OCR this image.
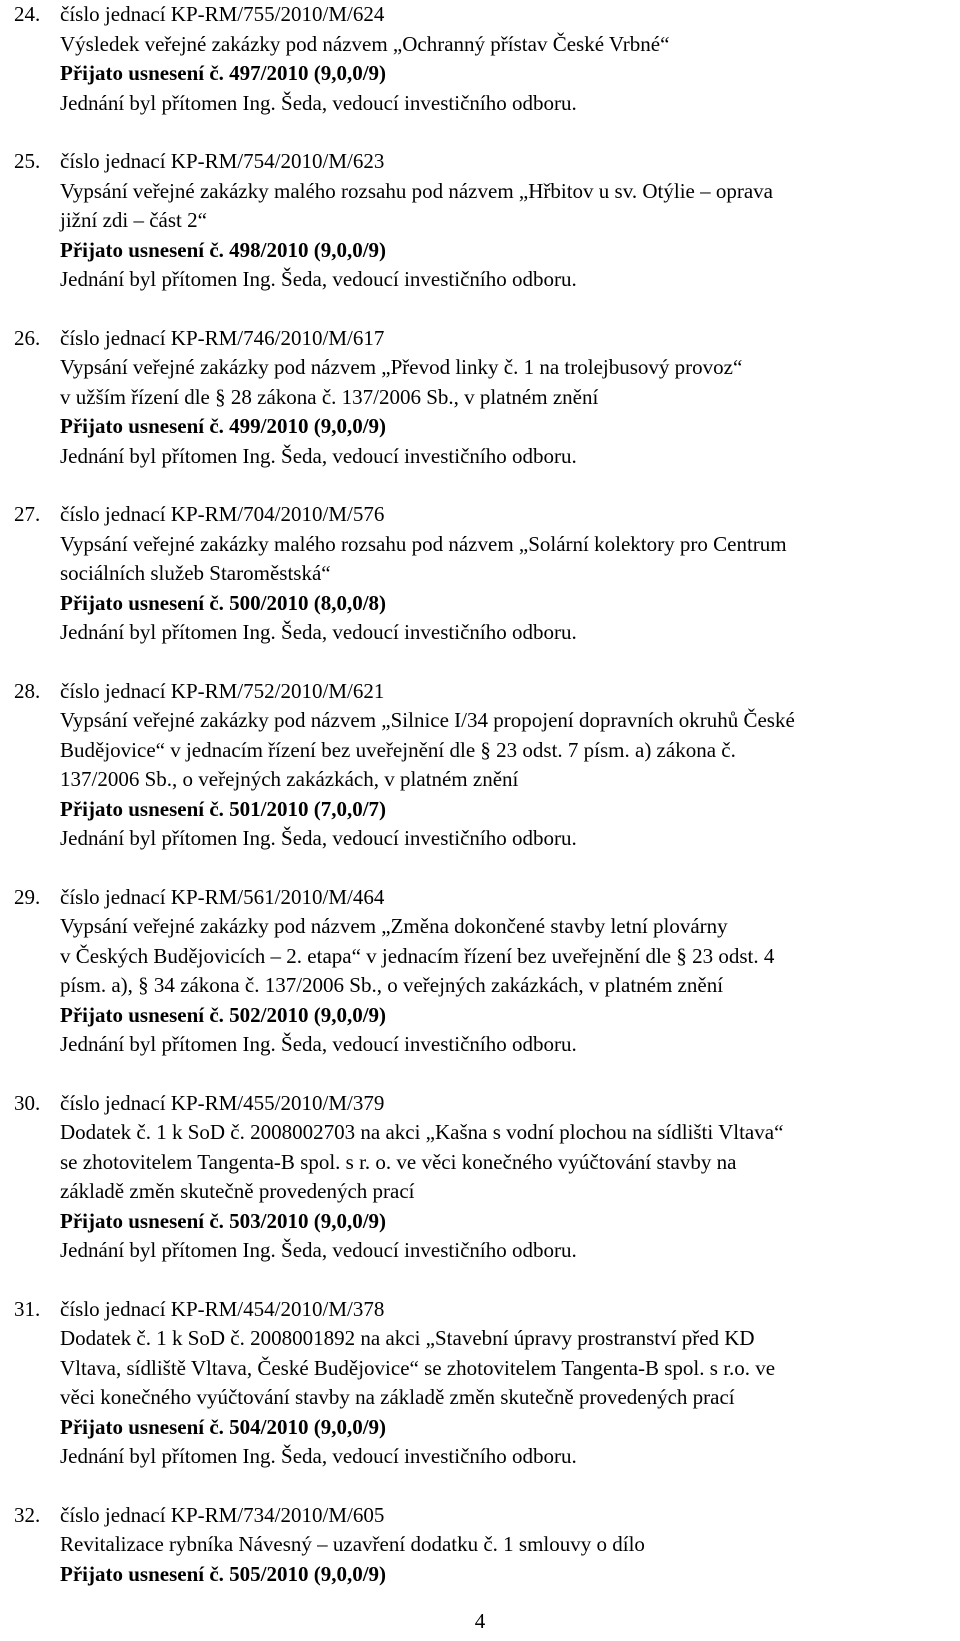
24. číslo jednací KP-RM/755/2010/M/624
Výsledek veřejné zakázky pod názvem „Ochranný přístav České Vrbné“
Přijato usnesení č. 497/2010 (9,0,0/9)
Jednání byl přítomen Ing. Šeda, vedoucí investičního odboru.
25. číslo jednací KP-RM/754/2010/M/623
Vypsání veřejné zakázky malého rozsahu pod názvem „Hřbitov u sv. Otýlie – oprava
jižní zdi – část 2“
Přijato usnesení č. 498/2010 (9,0,0/9)
Jednání byl přítomen Ing. Šeda, vedoucí investičního odboru.
26. číslo jednací KP-RM/746/2010/M/617
Vypsání veřejné zakázky pod názvem „Převod linky č. 1 na trolejbusový provoz“
v užším řízení dle § 28 zákona č. 137/2006 Sb., v platném znění
Přijato usnesení č. 499/2010 (9,0,0/9)
Jednání byl přítomen Ing. Šeda, vedoucí investičního odboru.
27. číslo jednací KP-RM/704/2010/M/576
Vypsání veřejné zakázky malého rozsahu pod názvem „Solární kolektory pro Centrum
sociálních služeb Staroměstská“
Přijato usnesení č. 500/2010 (8,0,0/8)
Jednání byl přítomen Ing. Šeda, vedoucí investičního odboru.
28. číslo jednací KP-RM/752/2010/M/621
Vypsání veřejné zakázky pod názvem „Silnice I/34 propojení dopravních okruhů České
Budějovice“ v jednacím řízení bez uveřejnění dle § 23 odst. 7 písm. a) zákona č.
137/2006 Sb., o veřejných zakázkách, v platném znění
Přijato usnesení č. 501/2010 (7,0,0/7)
Jednání byl přítomen Ing. Šeda, vedoucí investičního odboru.
29. číslo jednací KP-RM/561/2010/M/464
Vypsání veřejné zakázky pod názvem „Změna dokončené stavby letní plovárny
v Českých Budějovicích – 2. etapa“ v jednacím řízení bez uveřejnění dle § 23 odst. 4
písm. a), § 34 zákona č. 137/2006 Sb., o veřejných zakázkách, v platném znění
Přijato usnesení č. 502/2010 (9,0,0/9)
Jednání byl přítomen Ing. Šeda, vedoucí investičního odboru.
30. číslo jednací KP-RM/455/2010/M/379
Dodatek č. 1 k SoD č. 2008002703 na akci „Kašna s vodní plochou na sídlišti Vltava“
se zhotovitelem Tangenta-B spol. s r. o. ve věci konečného vyúčtování stavby na
základě změn skutečně provedených prací
Přijato usnesení č. 503/2010 (9,0,0/9)
Jednání byl přítomen Ing. Šeda, vedoucí investičního odboru.
31. číslo jednací KP-RM/454/2010/M/378
Dodatek č. 1 k SoD č. 2008001892 na akci „Stavební úpravy prostranství před KD
Vltava, sídliště Vltava, České Budějovice“ se zhotovitelem Tangenta-B spol. s r.o. ve
věci konečného vyúčtování stavby na základě změn skutečně provedených prací
Přijato usnesení č. 504/2010 (9,0,0/9)
Jednání byl přítomen Ing. Šeda, vedoucí investičního odboru.
32. číslo jednací KP-RM/734/2010/M/605
Revitalizace rybníka Návesný – uzavření dodatku č. 1 smlouvy o dílo
Přijato usnesení č. 505/2010 (9,0,0/9)
4
